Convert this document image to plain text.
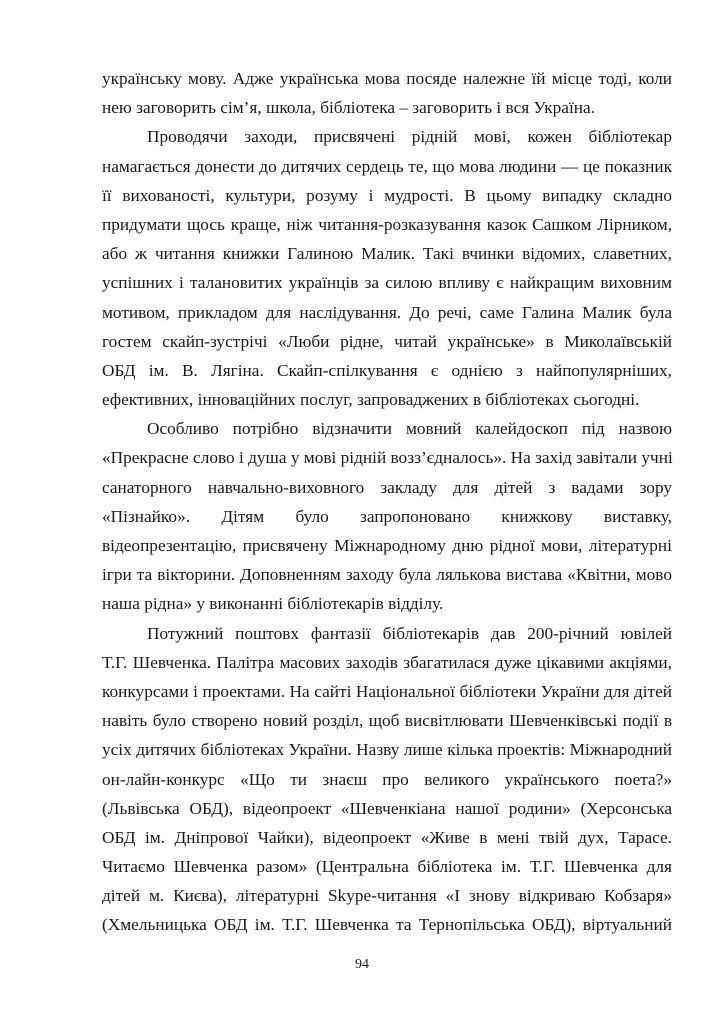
українську мову. Адже українська мова посяде належне їй місце тоді, коли
нею заговорить сім’я, школа, бібліотека – заговорить і вся Україна.
Проводячи заходи, присвячені рідній мові, кожен бібліотекар
намагається донести до дитячих сердець те, що мова людини — це показник
її вихованості, культури, розуму і мудрості. В цьому випадку складно
придумати щось краще, ніж читання-розказування казок Сашком Лірником,
або ж читання книжки Галиною Малик. Такі вчинки відомих, славетних,
успішних і талановитих українців за силою впливу є найкращим виховним
мотивом, прикладом для наслідування. До речі, саме Галина Малик була
гостем скайп-зустрічі «Люби рідне, читай українське» в Миколаївській
ОБД ім. В. Лягіна. Скайп-спілкування є однією з найпопулярніших,
ефективних, інноваційних послуг, запроваджених в бібліотеках сьогодні.
Особливо потрібно відзначити мовний калейдоскоп під назвою
«Прекрасне слово і душа у мові рідній возз’єдналось». На захід завітали учні
санаторного навчально-виховного закладу для дітей з вадами зору
«Пізнайко». Дітям було запропоновано книжкову виставку,
відеопрезентацію, присвячену Міжнародному дню рідної мови, літературні
ігри та вікторини. Доповненням заходу була лялькова вистава «Квітни, мово
наша рідна» у виконанні бібліотекарів відділу.
Потужний поштовх фантазії бібліотекарів дав 200-річний ювілей
Т.Г. Шевченка. Палітра масових заходів збагатилася дуже цікавими акціями,
конкурсами і проектами. На сайті Національної бібліотеки України для дітей
навіть було створено новий розділ, щоб висвітлювати Шевченківські події в
усіх дитячих бібліотеках України. Назву лише кілька проектів: Міжнародний
он-лайн-конкурс «Що ти знаєш про великого українського поета?»
(Львівська ОБД), відеопроект «Шевченкіана нашої родини» (Херсонська
ОБД ім. Дніпрової Чайки), відеопроект «Живе в мені твій дух, Тарасе.
Читаємо Шевченка разом» (Центральна бібліотека ім. Т.Г. Шевченка для
дітей м. Києва), літературні Skype-читання «І знову відкриваю Кобзаря»
(Хмельницька ОБД ім. Т.Г. Шевченка та Тернопільська ОБД), віртуальний
94
